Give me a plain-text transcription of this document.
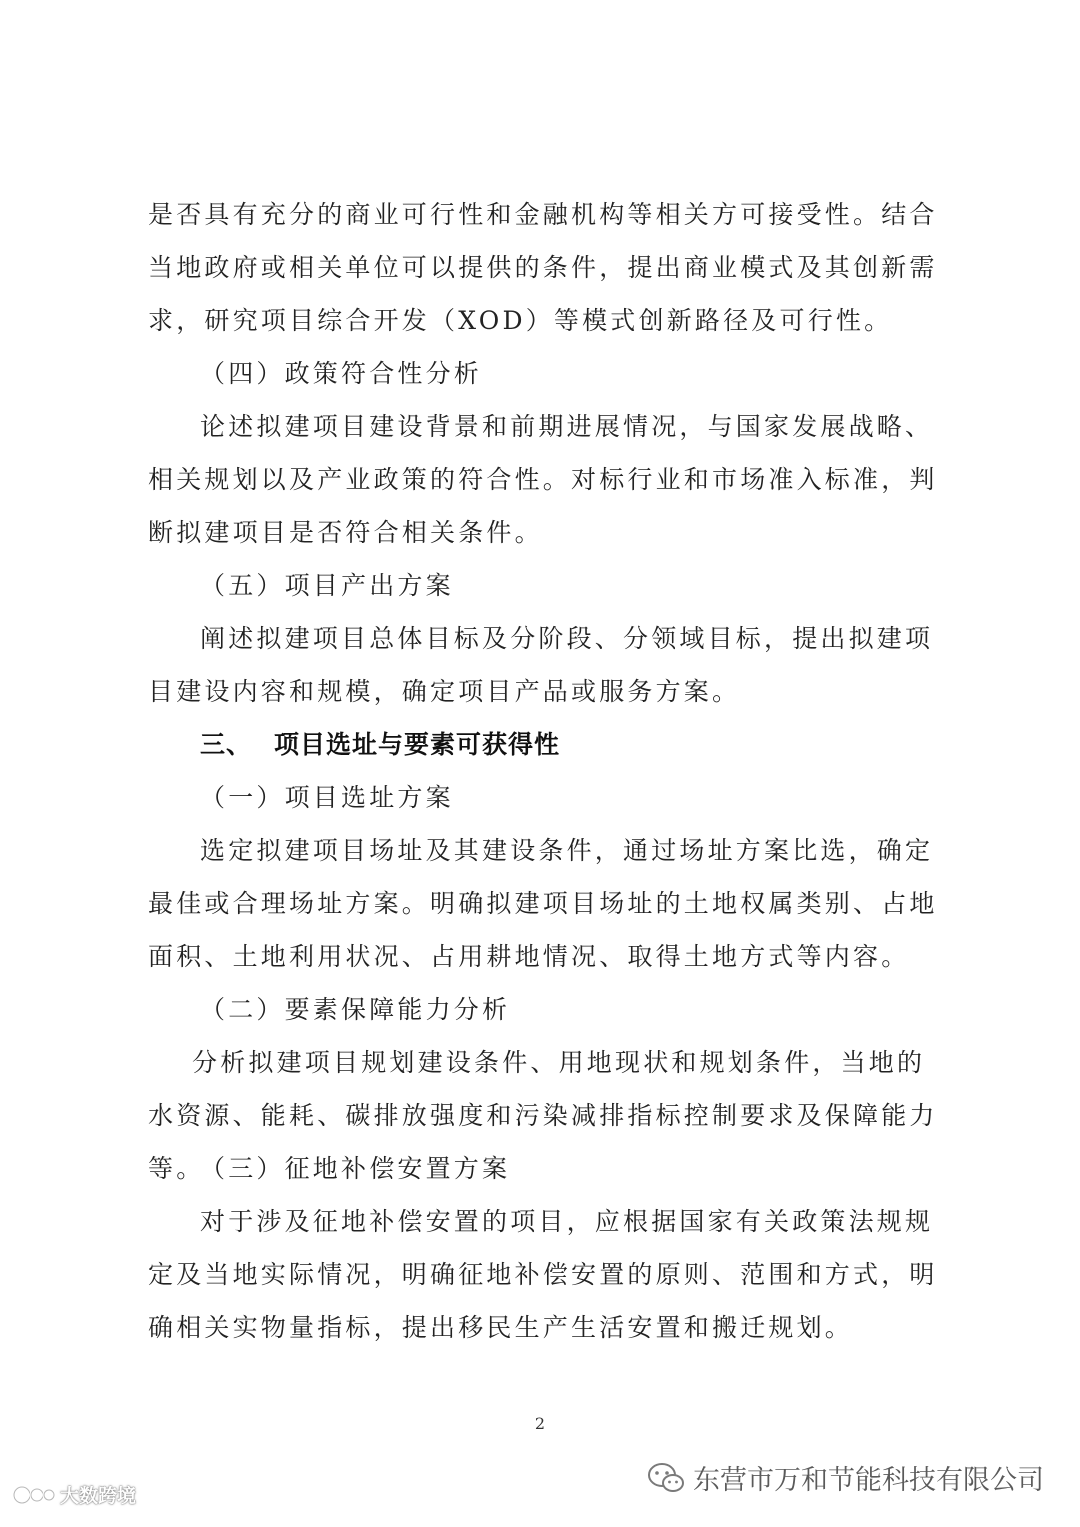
是否具有充分的商业可行性和金融机构等相关方可接受性。结合当地政府或相关单位可以提供的条件，提出商业模式及其创新需求，研究项目综合开发（XOD）等模式创新路径及可行性。

（四）政策符合性分析

论述拟建项目建设背景和前期进展情况，与国家发展战略、相关规划以及产业政策的符合性。对标行业和市场准入标准，判断拟建项目是否符合相关条件。

（五）项目产出方案

阐述拟建项目总体目标及分阶段、分领域目标，提出拟建项目建设内容和规模，确定项目产品或服务方案。

三、 项目选址与要素可获得性
（一）项目选址方案

选定拟建项目场址及其建设条件，通过场址方案比选，确定最佳或合理场址方案。明确拟建项目场址的土地权属类别、占地面积、土地利用状况、占用耕地情况、取得土地方式等内容。

（二）要素保障能力分析

分析拟建项目规划建设条件、用地现状和规划条件，当地的水资源、能耗、碳排放强度和污染减排指标控制要求及保障能力等。

（三）征地补偿安置方案

对于涉及征地补偿安置的项目，应根据国家有关政策法规规定及当地实际情况，明确征地补偿安置的原则、范围和方式，明确相关实物量指标，提出移民生产生活安置和搬迁规划。

2
大数跨境	东营市万和节能科技有限公司
